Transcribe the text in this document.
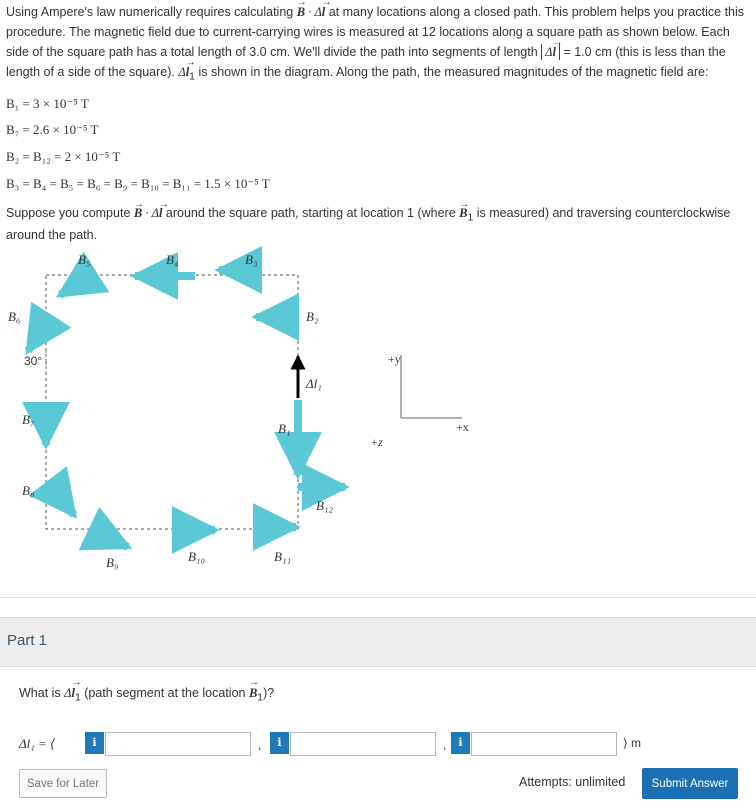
Using Ampere's law numerically requires calculating → B · Δ→ l at many locations along a closed path. This problem helps you practice this procedure. The magnetic field due to current-carrying wires is measured at 12 locations along a square path as shown below. Each side of the square path has a total length of 3.0 cm. We'll divide the path into segments of length Δ→ l = 1.0 cm (this is less than the length of a side of the square). $\Delta\to l_1$ is shown in the diagram. Along the path, the measured magnitudes of the magnetic field are:

B₁ = 3 × 10⁻⁵ T
B₇ = 2.6 × 10⁻⁵ T
B₂ = B₁₂ = 2 × 10⁻⁵ T
B₃ = B₄ = B₅ = B₆ = B₉ = B₁₀ = B₁₁ = 1.5 × 10⁻⁵ T
Suppose you compute → B · Δ→ l around the square path, starting at location 1 (where → $B_1$ is measured) and traversing counterclockwise around the path.
B₅	B₄	B₃
B₆	B₂
30°
Δl₁
B₇
B₁
B₈
B₁₂
B₉	B₁₀	B₁₁
+y
+x
+z
Part 1
What is $\Delta\to l_1$ (path segment at the location → $B_1$)?
Δl₁ = ⟨	i	,	i	,	i	⟩ m
Save for Later	Attempts: unlimited	Submit Answer
